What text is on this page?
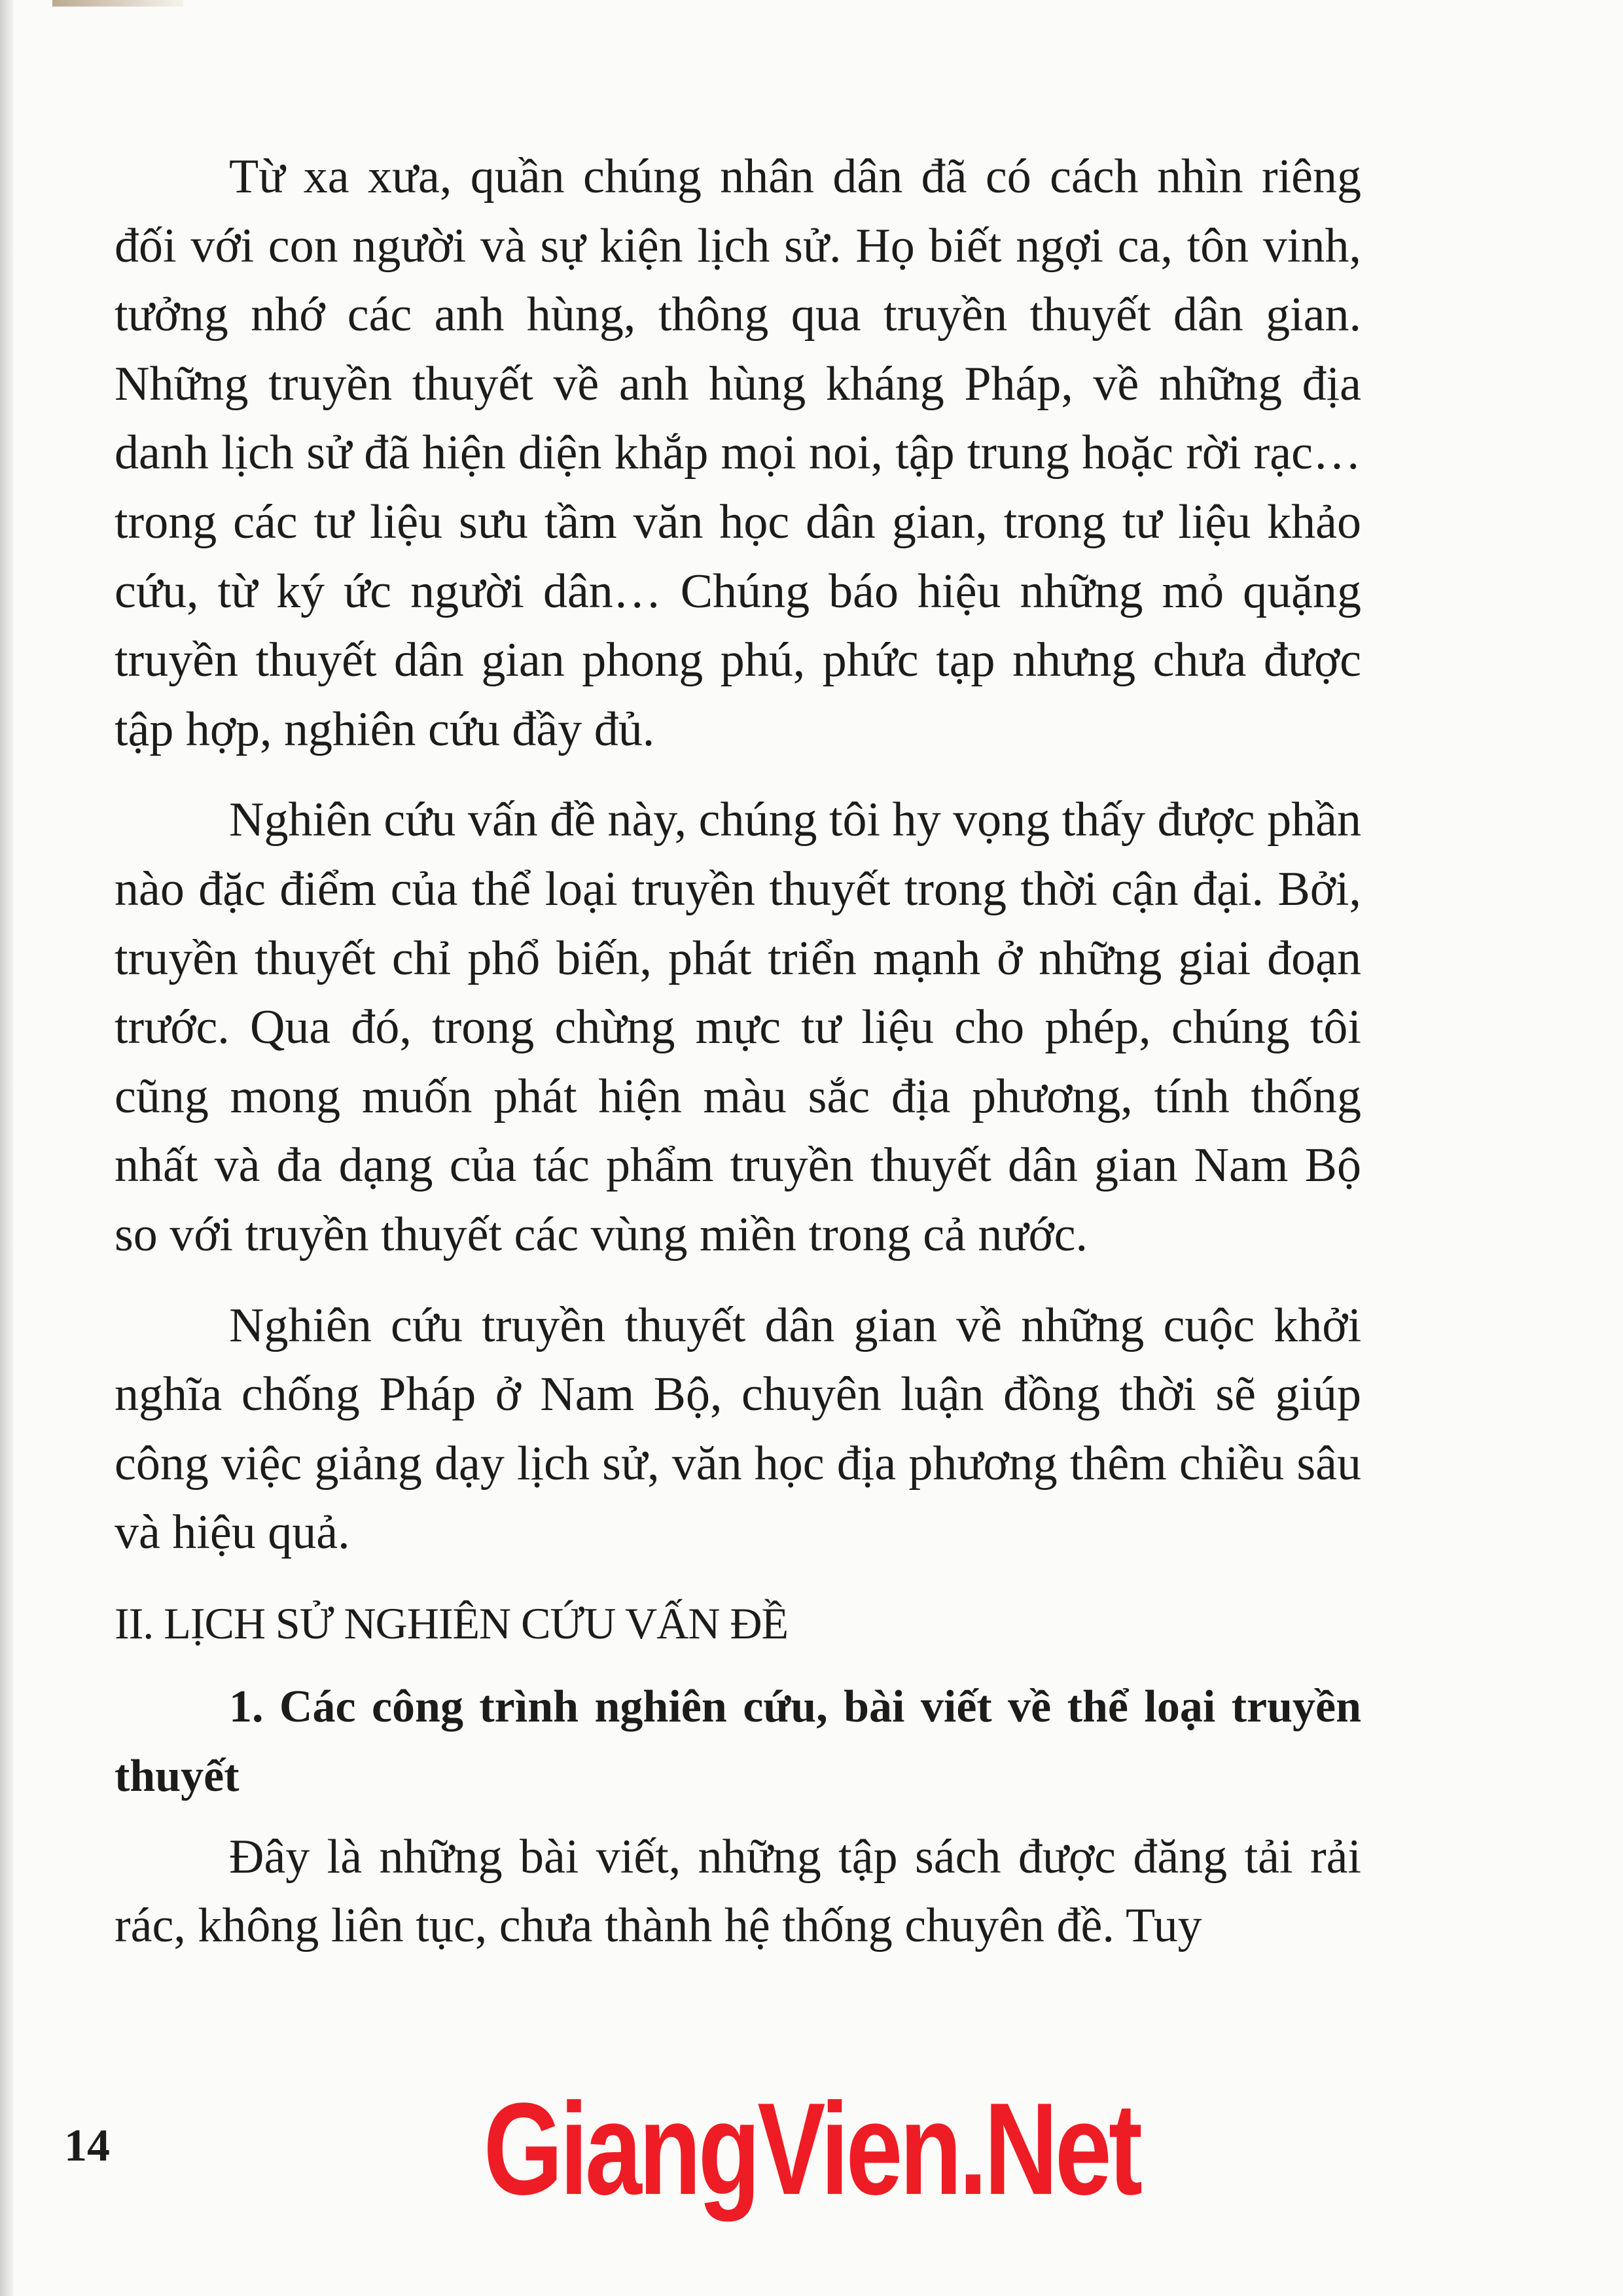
Từ xa xưa, quần chúng nhân dân đã có cách nhìn riêng đối với con người và sự kiện lịch sử. Họ biết ngợi ca, tôn vinh, tưởng nhớ các anh hùng, thông qua truyền thuyết dân gian. Những truyền thuyết về anh hùng kháng Pháp, về những địa danh lịch sử đã hiện diện khắp mọi noi, tập trung hoặc rời rạc… trong các tư liệu sưu tầm văn học dân gian, trong tư liệu khảo cứu, từ ký ức người dân… Chúng báo hiệu những mỏ quặng truyền thuyết dân gian phong phú, phức tạp nhưng chưa được tập hợp, nghiên cứu đầy đủ.

Nghiên cứu vấn đề này, chúng tôi hy vọng thấy được phần nào đặc điểm của thể loại truyền thuyết trong thời cận đại. Bởi, truyền thuyết chỉ phổ biến, phát triển mạnh ở những giai đoạn trước. Qua đó, trong chừng mực tư liệu cho phép, chúng tôi cũng mong muốn phát hiện màu sắc địa phương, tính thống nhất và đa dạng của tác phẩm truyền thuyết dân gian Nam Bộ so với truyền thuyết các vùng miền trong cả nước.

Nghiên cứu truyền thuyết dân gian về những cuộc khởi nghĩa chống Pháp ở Nam Bộ, chuyên luận đồng thời sẽ giúp công việc giảng dạy lịch sử, văn học địa phương thêm chiều sâu và hiệu quả.

II. LỊCH SỬ NGHIÊN CỨU VẤN ĐỀ

1. Các công trình nghiên cứu, bài viết về thể loại truyền thuyết

Đây là những bài viết, những tập sách được đăng tải rải rác, không liên tục, chưa thành hệ thống chuyên đề. Tuy

14	GiangVien.Net
